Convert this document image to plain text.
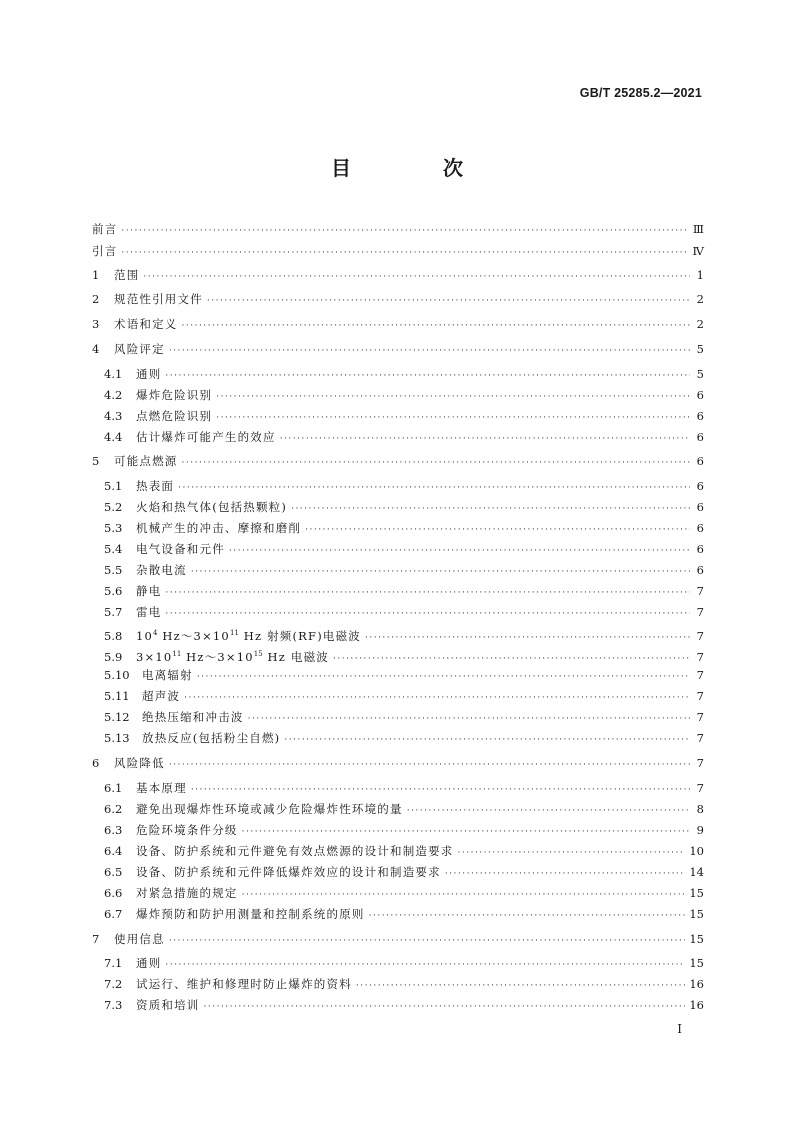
GB/T 25285.2—2021
目　次
前言 ·····	Ⅲ
引言 ·····	Ⅳ
1	范围 ·····	1
2	规范性引用文件 ·····	2
3	术语和定义 ·····	2
4	风险评定 ·····	5
4.1	通则 ·····	5
4.2	爆炸危险识别 ·····	6
4.3	点燃危险识别 ·····	6
4.4	估计爆炸可能产生的效应 ·····	6
5	可能点燃源 ·····	6
5.1	热表面 ·····	6
5.2	火焰和热气体(包括热颗粒) ·····	6
5.3	机械产生的冲击、摩擦和磨削 ·····	6
5.4	电气设备和元件 ·····	6
5.5	杂散电流 ·····	6
5.6	静电 ·····	7
5.7	雷电 ·····	7
5.8	$10^4$ $Hz\sim 3\times 10^{11}$ Hz 射频(RF)电磁波 ·····	7
5.9	$3\times 10^{11}$ $Hz\sim 3\times 10^{15}$ Hz 电磁波 ·····	7
5.10	电离辐射 ·····	7
5.11	超声波 ·····	7
5.12	绝热压缩和冲击波 ·····	7
5.13	放热反应(包括粉尘自燃) ·····	7
6	风险降低 ·····	7
6.1	基本原理 ·····	7
6.2	避免出现爆炸性环境或减少危险爆炸性环境的量 ·····	8
6.3	危险环境条件分级 ·····	9
6.4	设备、防护系统和元件避免有效点燃源的设计和制造要求 ·····	10
6.5	设备、防护系统和元件降低爆炸效应的设计和制造要求 ·····	14
6.6	对紧急措施的规定 ·····	15
6.7	爆炸预防和防护用测量和控制系统的原则 ·····	15
7	使用信息 ·····	15
7.1	通则 ·····	15
7.2	试运行、维护和修理时防止爆炸的资料 ·····	16
7.3	资质和培训 ·····	16
Ⅰ
